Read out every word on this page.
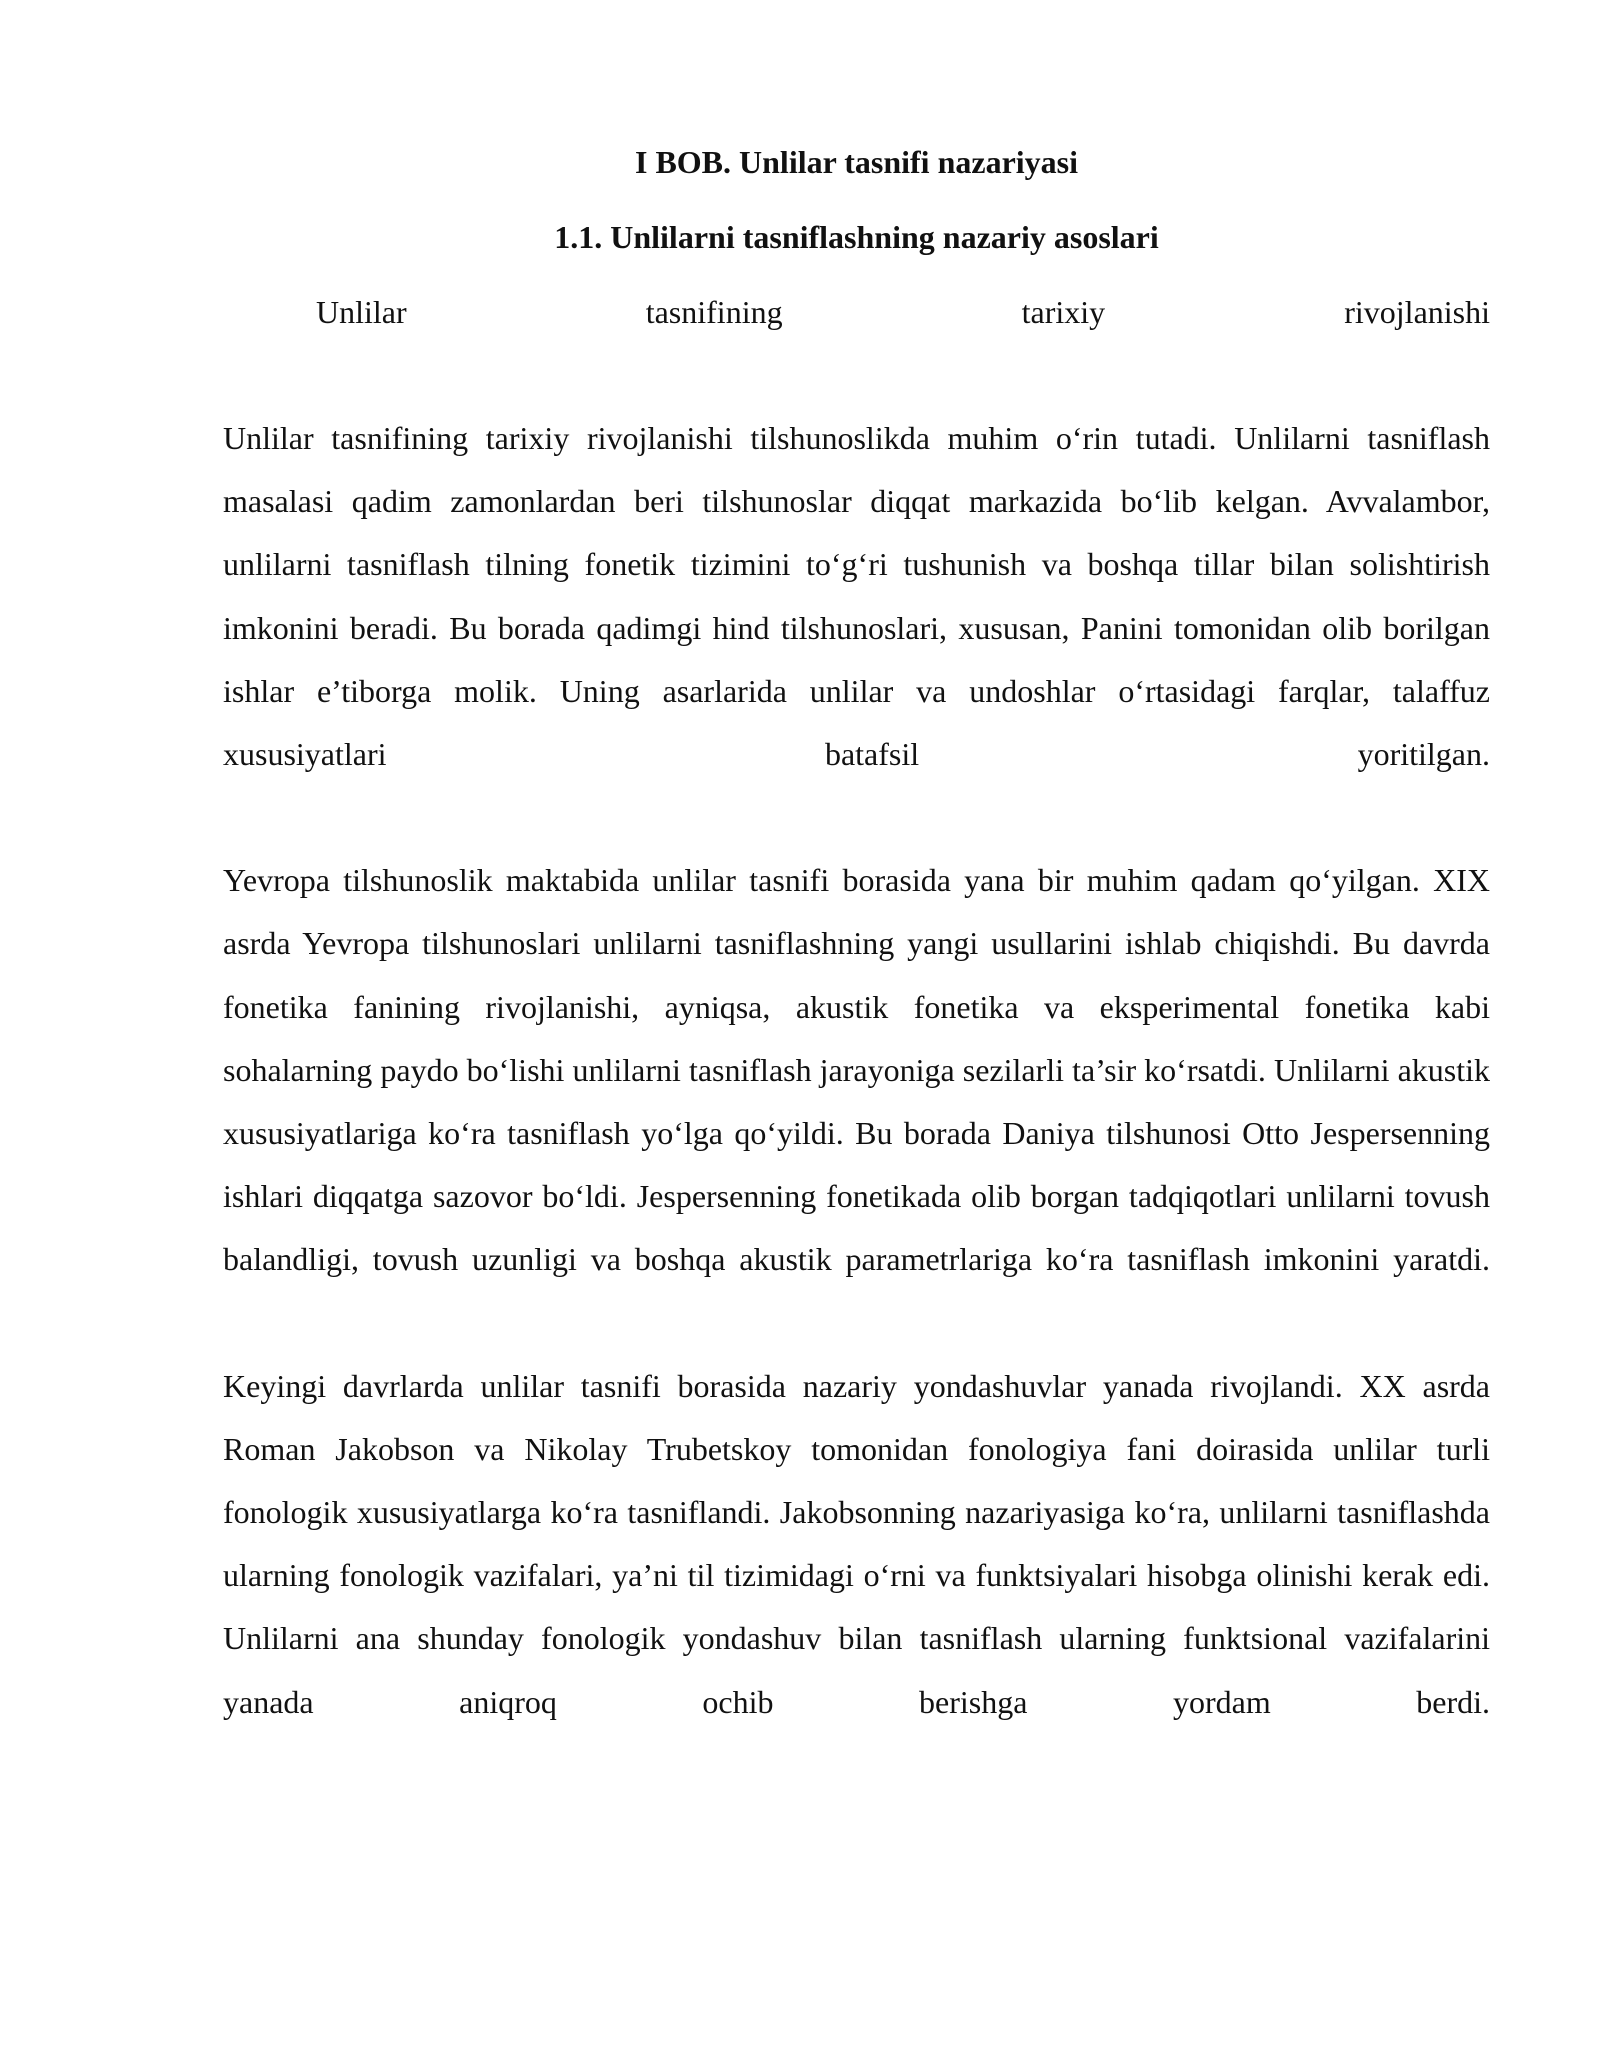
I BOB. Unlilar tasnifi nazariyasi
1.1. Unlilarni tasniflashning nazariy asoslari
Unlilar tasnifining tarixiy rivojlanishi

Unlilar tasnifining tarixiy rivojlanishi tilshunoslikda muhim o‘rin tutadi. Unlilarni tasniflash masalasi qadim zamonlardan beri tilshunoslar diqqat markazida bo‘lib kelgan. Avvalambor, unlilarni tasniflash tilning fonetik tizimini to‘g‘ri tushunish va boshqa tillar bilan solishtirish imkonini beradi. Bu borada qadimgi hind tilshunoslari, xususan, Panini tomonidan olib borilgan ishlar e’tiborga molik. Uning asarlarida unlilar va undoshlar o‘rtasidagi farqlar, talaffuz xususiyatlari batafsil yoritilgan.

Yevropa tilshunoslik maktabida unlilar tasnifi borasida yana bir muhim qadam qo‘yilgan. XIX asrda Yevropa tilshunoslari unlilarni tasniflashning yangi usullarini ishlab chiqishdi. Bu davrda fonetika fanining rivojlanishi, ayniqsa, akustik fonetika va eksperimental fonetika kabi sohalarning paydo bo‘lishi unlilarni tasniflash jarayoniga sezilarli ta’sir ko‘rsatdi. Unlilarni akustik xususiyatlariga ko‘ra tasniflash yo‘lga qo‘yildi. Bu borada Daniya tilshunosi Otto Jespersenning ishlari diqqatga sazovor bo‘ldi. Jespersenning fonetikada olib borgan tadqiqotlari unlilarni tovush balandligi, tovush uzunligi va boshqa akustik parametrlariga ko‘ra tasniflash imkonini yaratdi.

Keyingi davrlarda unlilar tasnifi borasida nazariy yondashuvlar yanada rivojlandi. XX asrda Roman Jakobson va Nikolay Trubetskoy tomonidan fonologiya fani doirasida unlilar turli fonologik xususiyatlarga ko‘ra tasniflandi. Jakobsonning nazariyasiga ko‘ra, unlilarni tasniflashda ularning fonologik vazifalari, ya’ni til tizimidagi o‘rni va funktsiyalari hisobga olinishi kerak edi. Unlilarni ana shunday fonologik yondashuv bilan tasniflash ularning funktsional vazifalarini yanada aniqroq ochib berishga yordam berdi.
